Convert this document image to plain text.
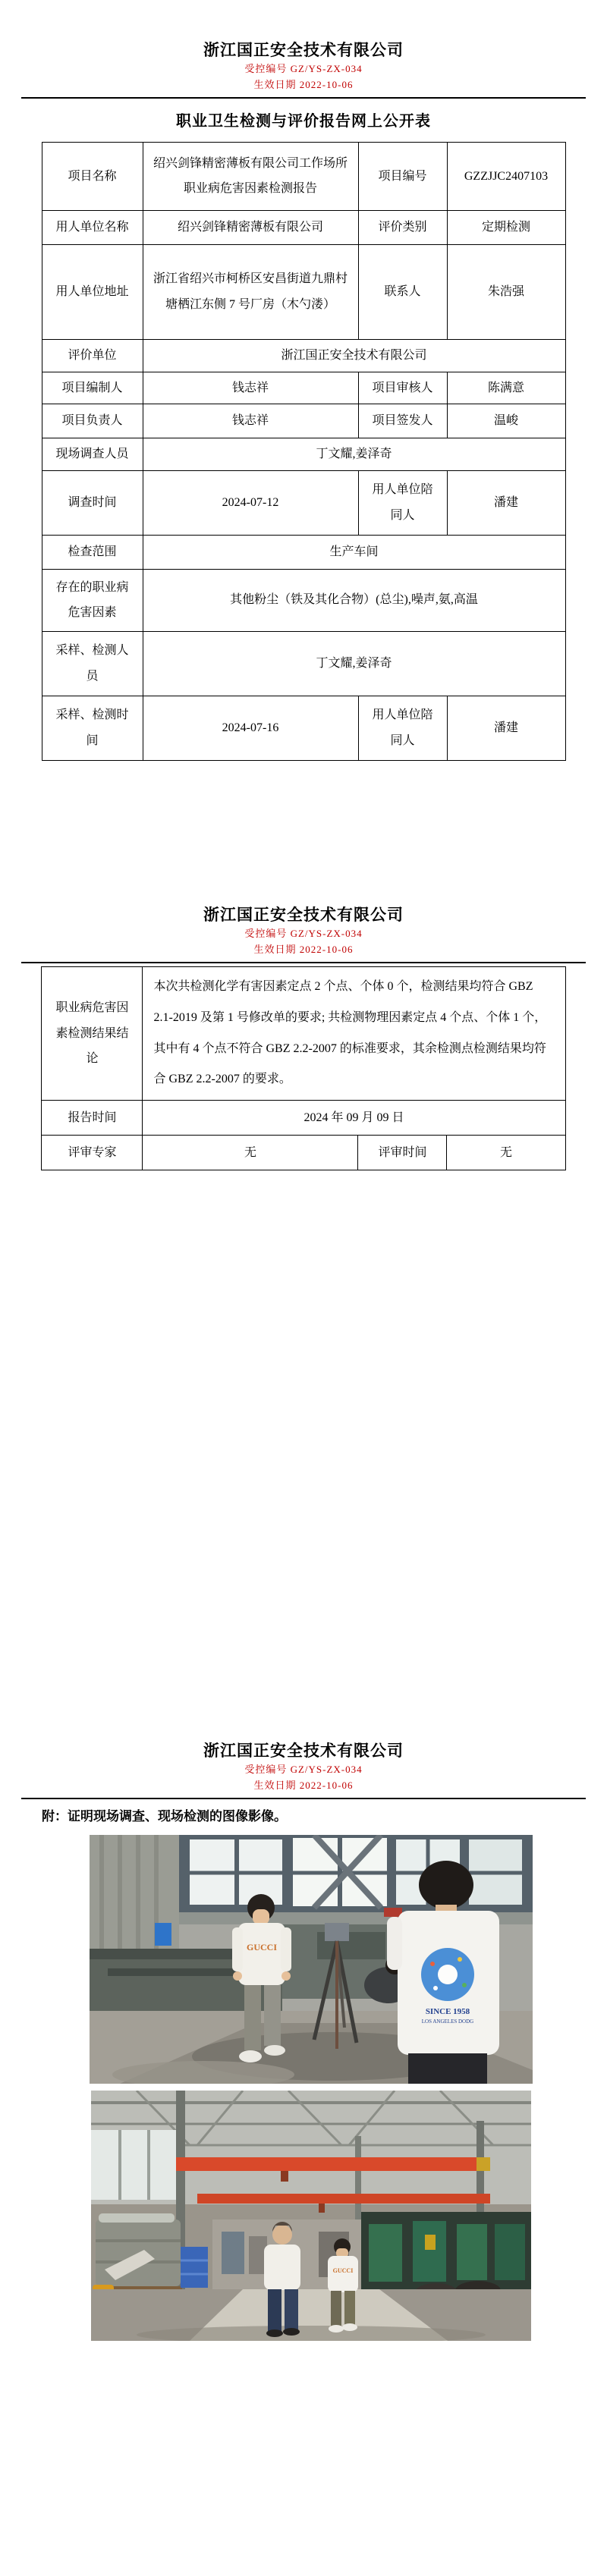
浙江国正安全技术有限公司
受控编号 GZ/YS-ZX-034
生效日期 2022-10-06
职业卫生检测与评价报告网上公开表
项目名称	绍兴剑锋精密薄板有限公司工作场所职业病危害因素检测报告	项目编号	GZZJJC2407103
用人单位名称	绍兴剑锋精密薄板有限公司	评价类别	定期检测
用人单位地址	浙江省绍兴市柯桥区安昌街道九鼎村塘栖江东侧 7 号厂房（木勺溇）	联系人	朱浩强
评价单位	浙江国正安全技术有限公司		
项目编制人	钱志祥	项目审核人	陈满意
项目负责人	钱志祥	项目签发人	温峻
现场调查人员	丁文耀,姜泽奇		
调查时间	2024-07-12	用人单位陪同人	潘建
检查范围	生产车间		
存在的职业病危害因素	其他粉尘（铁及其化合物）(总尘),噪声,氨,高温		
采样、检测人员	丁文耀,姜泽奇		
采样、检测时间	2024-07-16	用人单位陪同人	潘建
浙江国正安全技术有限公司
受控编号 GZ/YS-ZX-034
生效日期 2022-10-06
职业病危害因素检测结果结论	本次共检测化学有害因素定点 2 个点、个体 0 个，检测结果均符合 GBZ 2.1-2019 及第 1 号修改单的要求; 共检测物理因素定点 4 个点、个体 1 个，其中有 4 个点不符合 GBZ 2.2-2007 的标准要求，其余检测点检测结果均符合 GBZ 2.2-2007 的要求。		
报告时间	2024 年 09 月 09 日		
评审专家	无	评审时间	无
浙江国正安全技术有限公司
受控编号 GZ/YS-ZX-034
生效日期 2022-10-06

附：证明现场调查、现场检测的图像影像。

GUCCI
SINCE 1958
LOS ANGELES DODG
GUCCI
